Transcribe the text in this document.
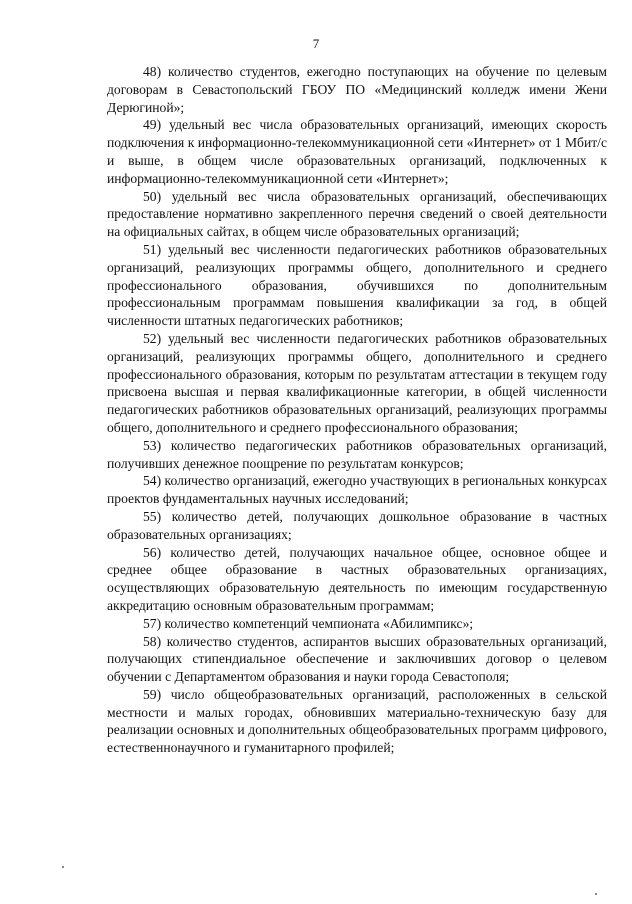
7

48) количество студентов, ежегодно поступающих на обучение по целевым договорам в Севастопольский ГБОУ ПО «Медицинский колледж имени Жени Дерюгиной»;

49) удельный вес числа образовательных организаций, имеющих скорость подключения к информационно-телекоммуникационной сети «Интернет» от 1 Мбит/с и выше, в общем числе образовательных организаций, подключенных к информационно-телекоммуникационной сети «Интернет»;

50) удельный вес числа образовательных организаций, обеспечивающих предоставление нормативно закрепленного перечня сведений о своей деятельности на официальных сайтах, в общем числе образовательных организаций;

51) удельный вес численности педагогических работников образовательных организаций, реализующих программы общего, дополнительного и среднего профессионального образования, обучившихся по дополнительным профессиональным программам повышения квалификации за год, в общей численности штатных педагогических работников;

52) удельный вес численности педагогических работников образовательных организаций, реализующих программы общего, дополнительного и среднего профессионального образования, которым по результатам аттестации в текущем году присвоена высшая и первая квалификационные категории, в общей численности педагогических работников образовательных организаций, реализующих программы общего, дополнительного и среднего профессионального образования;

53) количество педагогических работников образовательных организаций, получивших денежное поощрение по результатам конкурсов;

54) количество организаций, ежегодно участвующих в региональных конкурсах проектов фундаментальных научных исследований;

55) количество детей, получающих дошкольное образование в частных образовательных организациях;

56) количество детей, получающих начальное общее, основное общее и среднее общее образование в частных образовательных организациях, осуществляющих образовательную деятельность по имеющим государственную аккредитацию основным образовательным программам;

57) количество компетенций чемпионата «Абилимпикс»;

58) количество студентов, аспирантов высших образовательных организаций, получающих стипендиальное обеспечение и заключивших договор о целевом обучении с Департаментом образования и науки города Севастополя;

59) число общеобразовательных организаций, расположенных в сельской местности и малых городах, обновивших материально-техническую базу для реализации основных и дополнительных общеобразовательных программ цифрового, естественнонаучного и гуманитарного профилей;
